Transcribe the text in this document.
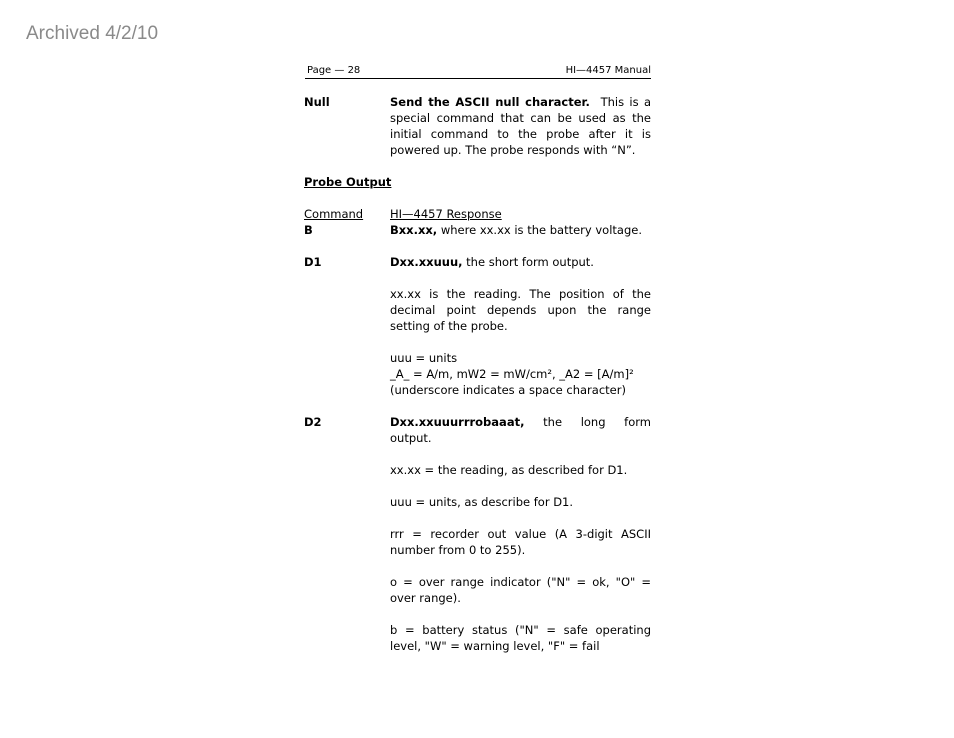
Archived 4/2/10
Page — 28	HI—4457 Manual
Null	Send the ASCII null character. This is a special command that can be used as the initial command to the probe after it is powered up. The probe responds with “N”.
Probe Output
Command	HI—4457 Response
B	Bxx.xx, where xx.xx is the battery voltage.
D1	Dxx.xxuuu, the short form output.

xx.xx is the reading. The position of the decimal point depends upon the range setting of the probe.

uuu = units

_A_ = A/m, mW2 = mW/cm², _A2 = [A/m]²

(underscore indicates a space character)

D2	Dxx.xxuuurrrobaaat, the long form output.

xx.xx = the reading, as described for D1.

uuu = units, as describe for D1.

rrr = recorder out value (A 3-digit ASCII number from 0 to 255).

o = over range indicator ("N" = ok, "O" = over range).

b = battery status ("N" = safe operating level, "W" = warning level, "F" = fail
